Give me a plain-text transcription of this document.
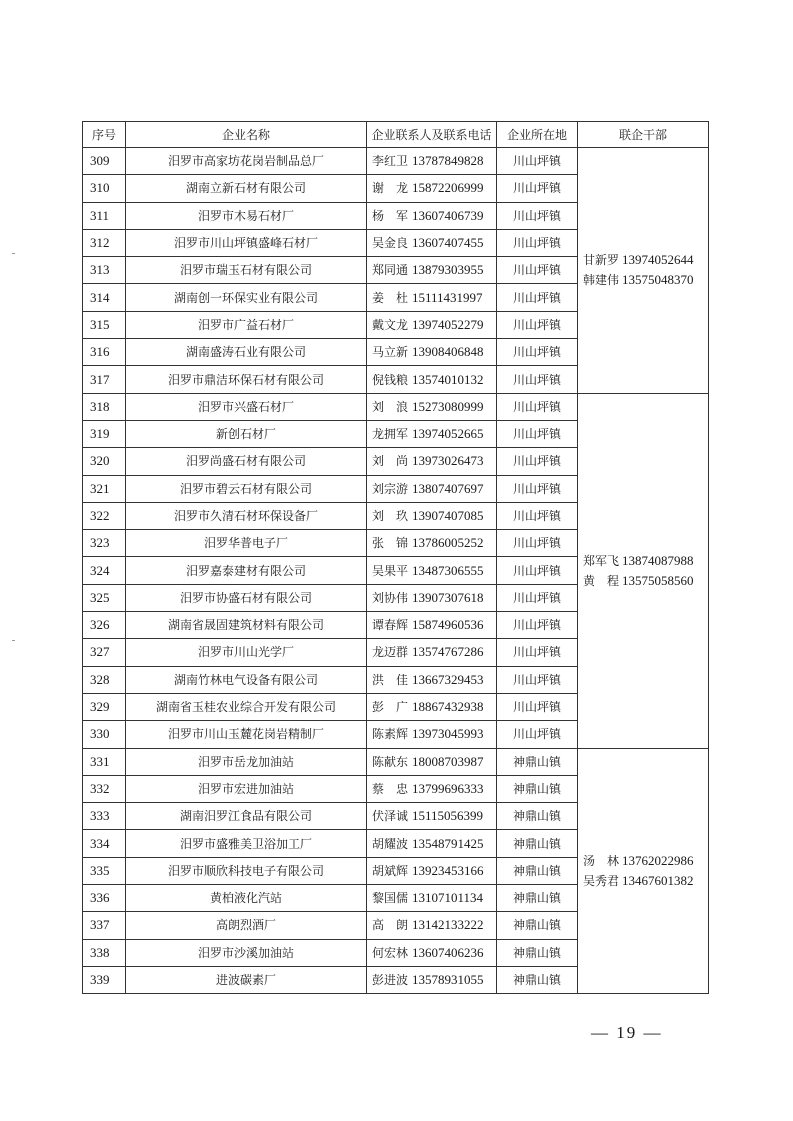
序号	企业名称	企业联系人及联系电话	企业所在地	联企干部
309	汨罗市高家坊花岗岩制品总厂	李红卫 13787849828	川山坪镇	甘新罗 13974052644
韩建伟 13575048370

310	湖南立新石材有限公司	谢　龙 15872206999	川山坪镇	
311	汨罗市木易石材厂	杨　军 13607406739	川山坪镇	
312	汨罗市川山坪镇盛峰石材厂	吴金良 13607407455	川山坪镇	
313	汨罗市瑞玉石材有限公司	郑同通 13879303955	川山坪镇	
314	湖南创一环保实业有限公司	姜　杜 15111431997	川山坪镇	
315	汨罗市广益石材厂	戴文龙 13974052279	川山坪镇	
316	湖南盛涛石业有限公司	马立新 13908406848	川山坪镇	
317	汨罗市鼎洁环保石材有限公司	倪钱粮 13574010132	川山坪镇	
318	汨罗市兴盛石材厂	刘　浪 15273080999	川山坪镇	郑军飞 13874087988
黄　程 13575058560

319	新创石材厂	龙拥军 13974052665	川山坪镇	
320	汨罗尚盛石材有限公司	刘　尚 13973026473	川山坪镇	
321	汨罗市碧云石材有限公司	刘宗游 13807407697	川山坪镇	
322	汨罗市久清石材环保设备厂	刘　玖 13907407085	川山坪镇	
323	汨罗华普电子厂	张　锦 13786005252	川山坪镇	
324	汨罗嘉泰建材有限公司	吴果平 13487306555	川山坪镇	
325	汨罗市协盛石材有限公司	刘协伟 13907307618	川山坪镇	
326	湖南省晟固建筑材料有限公司	谭春辉 15874960536	川山坪镇	
327	汨罗市川山光学厂	龙迈群 13574767286	川山坪镇	
328	湖南竹林电气设备有限公司	洪　佳 13667329453	川山坪镇	
329	湖南省玉桂农业综合开发有限公司	彭　广 18867432938	川山坪镇	
330	汨罗市川山玉麓花岗岩精制厂	陈素辉 13973045993	川山坪镇	
331	汨罗市岳龙加油站	陈献东 18008703987	神鼎山镇	汤　林 13762022986
吴秀君 13467601382

332	汨罗市宏进加油站	蔡　忠 13799696333	神鼎山镇	
333	湖南汨罗江食品有限公司	伏泽诚 15115056399	神鼎山镇	
334	汨罗市盛雅美卫浴加工厂	胡耀波 13548791425	神鼎山镇	
335	汨罗市顺欣科技电子有限公司	胡斌辉 13923453166	神鼎山镇	
336	黄柏液化汽站	黎国儒 13107101134	神鼎山镇	
337	高朗烈酒厂	高　朗 13142133222	神鼎山镇	
338	汨罗市沙溪加油站	何宏林 13607406236	神鼎山镇	
339	进波碳素厂	彭进波 13578931055	神鼎山镇	
— 19 —
